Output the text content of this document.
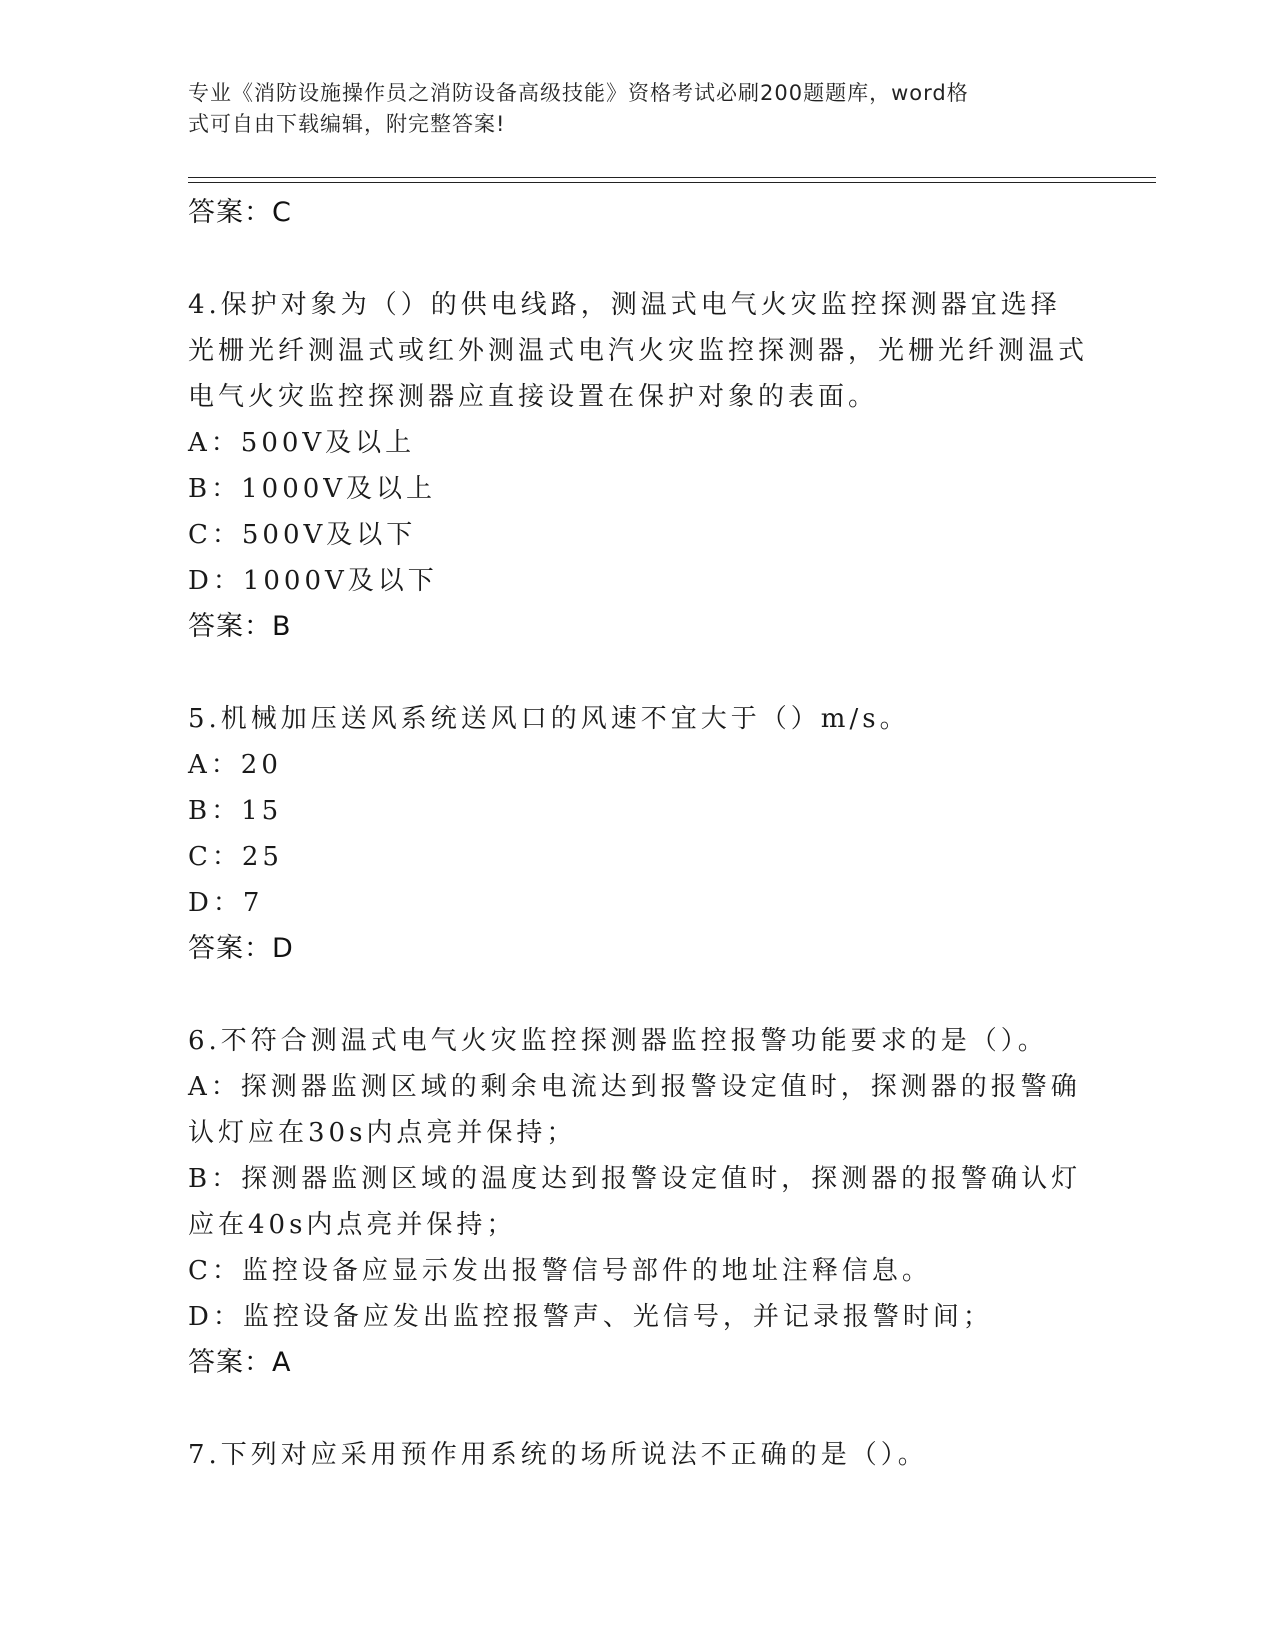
专业《消防设施操作员之消防设备高级技能》资格考试必刷200题题库，word格
式可自由下载编辑，附完整答案!
答案：C
4.保护对象为（）的供电线路，测温式电气火灾监控探测器宜选择光栅光纤测温式或红外测温式电汽火灾监控探测器，光栅光纤测温式电气火灾监控探测器应直接设置在保护对象的表面。
A：500V及以上
B：1000V及以上
C：500V及以下
D：1000V及以下
答案：B
5.机械加压送风系统送风口的风速不宜大于（）m/s。
A：20
B：15
C：25
D：7
答案：D
6.不符合测温式电气火灾监控探测器监控报警功能要求的是（）。
A：探测器监测区域的剩余电流达到报警设定值时，探测器的报警确认灯应在30s内点亮并保持；
B：探测器监测区域的温度达到报警设定值时，探测器的报警确认灯应在40s内点亮并保持；
C：监控设备应显示发出报警信号部件的地址注释信息。
D：监控设备应发出监控报警声、光信号，并记录报警时间；
答案：A
7.下列对应采用预作用系统的场所说法不正确的是（）。
